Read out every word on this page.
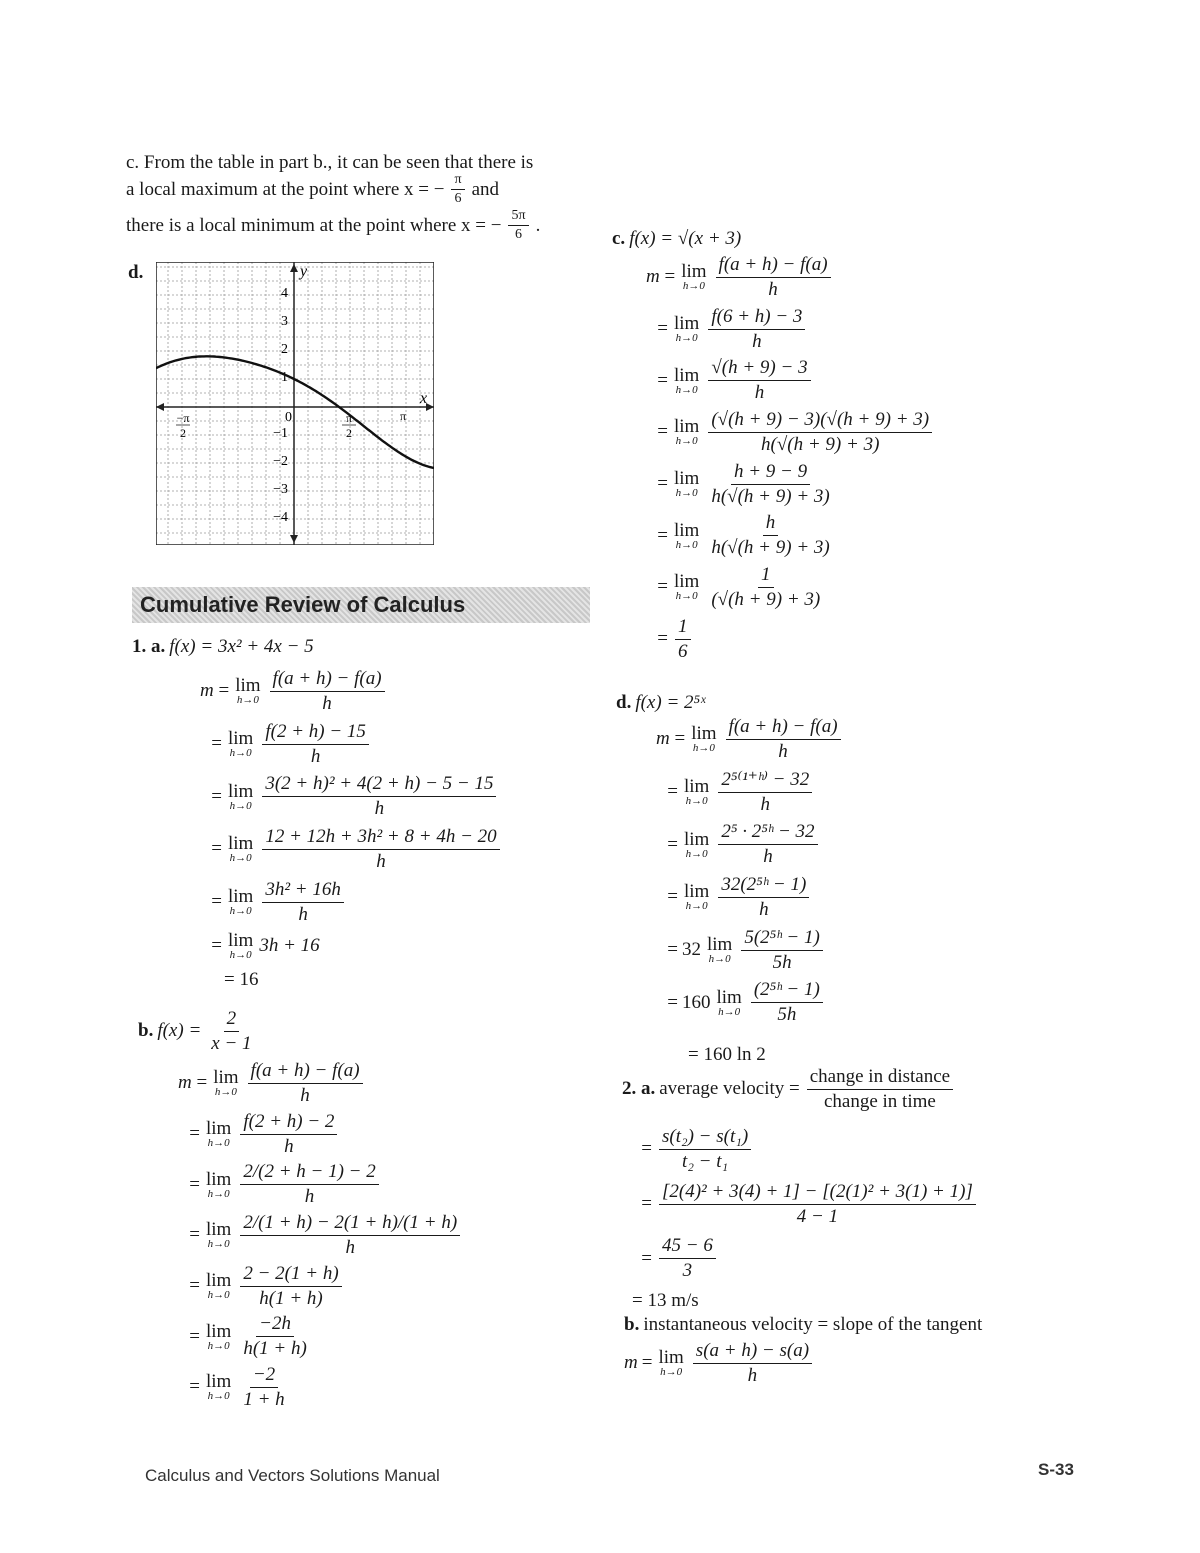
c. From the table in part b., it can be seen that there is
a local maximum at the point where x = − $\frac{\pi}{6}$ and
there is a local minimum at the point where x = − $\frac{5\pi}{6}$ .
d.	y
x
4
3
2
1
0
−1
−2
−3
−4
−π
2
π
2
π
Cumulative Review of Calculus
1. a. f(x) = 3x² + 4x − 5
m = lim
$h\to 0 \frac{f(a + h) - f(a)}{h}$
= lim
$h\to 0 \frac{f(2 + h) - 15}{h}$
= lim
$h\to 0 \frac{\text{3(2 + h)² + 4(2 + h) − 5 − 15}}{h}$
= lim
$h\to 0 \frac{\text{12 + 12h + 3h² + 8 + 4h − 20}}{h}$
= lim
$h\to 0 \frac{\text{3h² + 16h}}{h}$
= lim
h→0 3h + 16
= 16
b. $f(x) = \frac{2}{x - 1}$
m = lim
$h\to 0 \frac{f(a + h) - f(a)}{h}$
= lim
$h\to 0 \frac{f(2 + h) - 2}{h}$
= lim
$h\to 0 \frac{2/(2 + h - 1) - 2}{h}$
= lim
$h\to 0 \frac{2/(1 + h) - 2(1 + h)/(1 + h)}{h}$
= lim
$h\to 0 \frac{2 - 2(1 + h)}{h(1 + h)}$
= lim
$h\to 0 \frac{-2h}{h(1 + h)}$
= lim
$h\to 0 \frac{-2}{1 + h}$
c. f(x) = √(x + 3)
m = lim
$h\to 0 \frac{f(a + h) - f(a)}{h}$
= lim
$h\to 0 \frac{f(6 + h) - 3}{h}$
= lim
$h\to 0 \frac{√(h + 9) - 3}{h}$
= lim
$h\to 0 \frac{(√(h + 9) - 3)(√(h + 9) + 3)}{h(√(h + 9) + 3)}$
= lim
$h\to 0 \frac{h + 9 - 9}{h(√(h + 9) + 3)}$
= lim
$h\to 0 \frac{h}{h(√(h + 9) + 3)}$
= lim
$h\to 0 \frac{1}{(√(h + 9) + 3)}$
= $\frac{1}{6}$
d. f(x) = 2⁵ˣ
m = lim
$h\to 0 \frac{f(a + h) - f(a)}{h}$
= lim
$h\to 0 \frac{\text{2⁵⁽¹⁺ʰ⁾ − 32}}{h}$
= lim
$h\to 0 \frac{\text{2⁵ · 2⁵ʰ − 32}}{h}$
= lim
$h\to 0 \frac{\text{32(2⁵ʰ − 1)}}{h}$
= 32 lim
$h\to 0 \frac{\text{5(2⁵ʰ − 1)}}{5h}$
= 160 lim
$h\to 0 \frac{\text{(2⁵ʰ − 1)}}{5h}$
= 160 ln 2
2. a. average velocity = $\frac{\text{change in distance}}{\text{change in time}}$
= $\frac{\text{s(t₂) − s(t₁)}}{\text{t₂ − t₁}}$
= $\frac{\text{[2(4)² + 3(4) + 1] − [(2(1)² + 3(1) + 1)]}}{4 - 1}$
= $\frac{45 - 6}{3}$
= 13 m/s
b. instantaneous velocity = slope of the tangent
m = lim
$h\to 0 \frac{s(a + h) - s(a)}{h}$
Calculus and Vectors Solutions Manual	S-33
